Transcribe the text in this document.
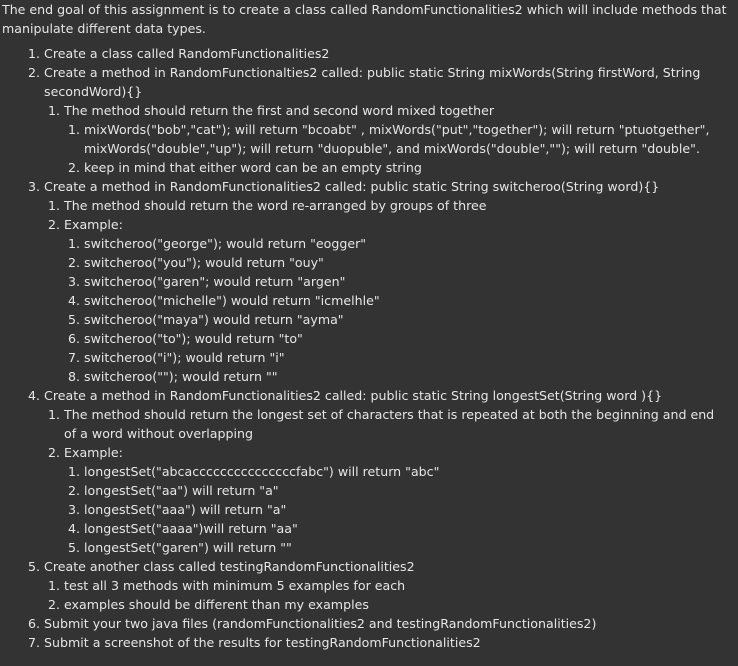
The end goal of this assignment is to create a class called RandomFunctionalities2 which will include methods that manipulate different data types.

1. Create a class called RandomFunctionalities2
2. Create a method in RandomFunctionalties2 called: public static String mixWords(String firstWord, String secondWord){}
1. The method should return the first and second word mixed together
1. mixWords("bob","cat"); will return "bcoabt" , mixWords("put","together"); will return "ptuotgether", mixWords("double","up"); will return "duopuble", and mixWords("double",""); will return "double".
2. keep in mind that either word can be an empty string
3. Create a method in RandomFunctionalities2 called: public static String switcheroo(String word){}
1. The method should return the word re-arranged by groups of three
2. Example:
1. switcheroo("george"); would return "eogger"
2. switcheroo("you"); would return "ouy"
3. switcheroo("garen"; would return "argen"
4. switcheroo("michelle") would return "icmelhle"
5. switcheroo("maya") would return "ayma"
6. switcheroo("to"); would return "to"
7. switcheroo("i"); would return "i"
8. switcheroo(""); would return ""
4. Create a method in RandomFunctionalities2 called: public static String longestSet(String word ){}
1. The method should return the longest set of characters that is repeated at both the beginning and end of a word without overlapping
2. Example:
1. longestSet("abcacccccccccccccccfabc") will return "abc"
2. longestSet("aa") will return "a"
3. longestSet("aaa") will return "a"
4. longestSet("aaaa")will return "aa"
5. longestSet("garen") will return ""
5. Create another class called testingRandomFunctionalities2
1. test all 3 methods with minimum 5 examples for each
2. examples should be different than my examples
6. Submit your two java files (randomFunctionalities2 and testingRandomFunctionalities2)
7. Submit a screenshot of the results for testingRandomFunctionalities2
